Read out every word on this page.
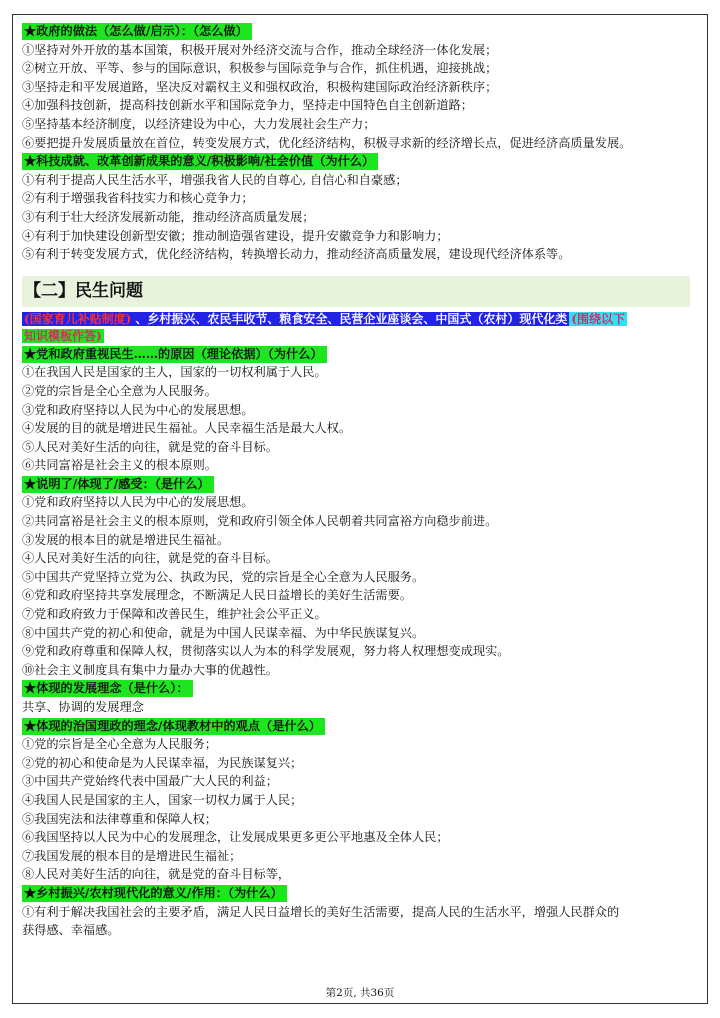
★政府的做法（怎么做/启示）：（怎么做）
①坚持对外开放的基本国策，积极开展对外经济交流与合作，推动全球经济一体化发展；
②树立开放、平等、参与的国际意识，积极参与国际竞争与合作，抓住机遇，迎接挑战；
③坚持走和平发展道路，坚决反对霸权主义和强权政治，积极构建国际政治经济新秩序；
④加强科技创新，提高科技创新水平和国际竞争力，坚持走中国特色自主创新道路；
⑤坚持基本经济制度，以经济建设为中心，大力发展社会生产力；
⑥要把提升发展质量放在首位，转变发展方式，优化经济结构，积极寻求新的经济增长点，促进经济高质量发展。
★科技成就、改革创新成果的意义/积极影响/社会价值（为什么）
①有利于提高人民生活水平，增强我省人民的自尊心, 自信心和自豪感；
②有利于增强我省科技实力和核心竞争力；
③有利于壮大经济发展新动能，推动经济高质量发展；
④有利于加快建设创新型安徽；推动制造强省建设，提升安徽竞争力和影响力；
⑤有利于转变发展方式，优化经济结构，转换增长动力，推动经济高质量发展，建设现代经济体系等。
【二】民生问题
(国家育儿补贴制度) 、乡村振兴、农民丰收节、粮食安全、民营企业座谈会、中国式（农村）现代化类 (围绕以下
知识模板作答)
★党和政府重视民生……的原因（理论依据）（为什么）
①在我国人民是国家的主人，国家的一切权利属于人民。
②党的宗旨是全心全意为人民服务。
③党和政府坚持以人民为中心的发展思想。
④发展的目的就是增进民生福祉。人民幸福生活是最大人权。
⑤人民对美好生活的向往，就是党的奋斗目标。
⑥共同富裕是社会主义的根本原则。
★说明了/体现了/感受：（是什么）
①党和政府坚持以人民为中心的发展思想。
②共同富裕是社会主义的根本原则，党和政府引领全体人民朝着共同富裕方向稳步前进。
③发展的根本目的就是增进民生福祉。
④人民对美好生活的向往，就是党的奋斗目标。
⑤中国共产党坚持立党为公、执政为民，党的宗旨是全心全意为人民服务。
⑥党和政府坚持共享发展理念，不断满足人民日益增长的美好生活需要。
⑦党和政府致力于保障和改善民生，维护社会公平正义。
⑧中国共产党的初心和使命，就是为中国人民谋幸福、为中华民族谋复兴。
⑨党和政府尊重和保障人权，贯彻落实以人为本的科学发展观，努力将人权理想变成现实。
⑩社会主义制度具有集中力量办大事的优越性。
★体现的发展理念（是什么）：
共享、协调的发展理念
★体现的治国理政的理念/体现教材中的观点（是什么）
①党的宗旨是全心全意为人民服务；
②党的初心和使命是为人民谋幸福，为民族谋复兴；
③中国共产党始终代表中国最广大人民的利益；
④我国人民是国家的主人，国家一切权力属于人民；
⑤我国宪法和法律尊重和保障人权；
⑥我国坚持以人民为中心的发展理念，让发展成果更多更公平地惠及全体人民；
⑦我国发展的根本目的是增进民生福祉；
⑧人民对美好生活的向往，就是党的奋斗目标等，
★乡村振兴/农村现代化的意义/作用：（为什么）
①有利于解决我国社会的主要矛盾，满足人民日益增长的美好生活需要，提高人民的生活水平，增强人民群众的
获得感、幸福感。
第2页, 共36页
